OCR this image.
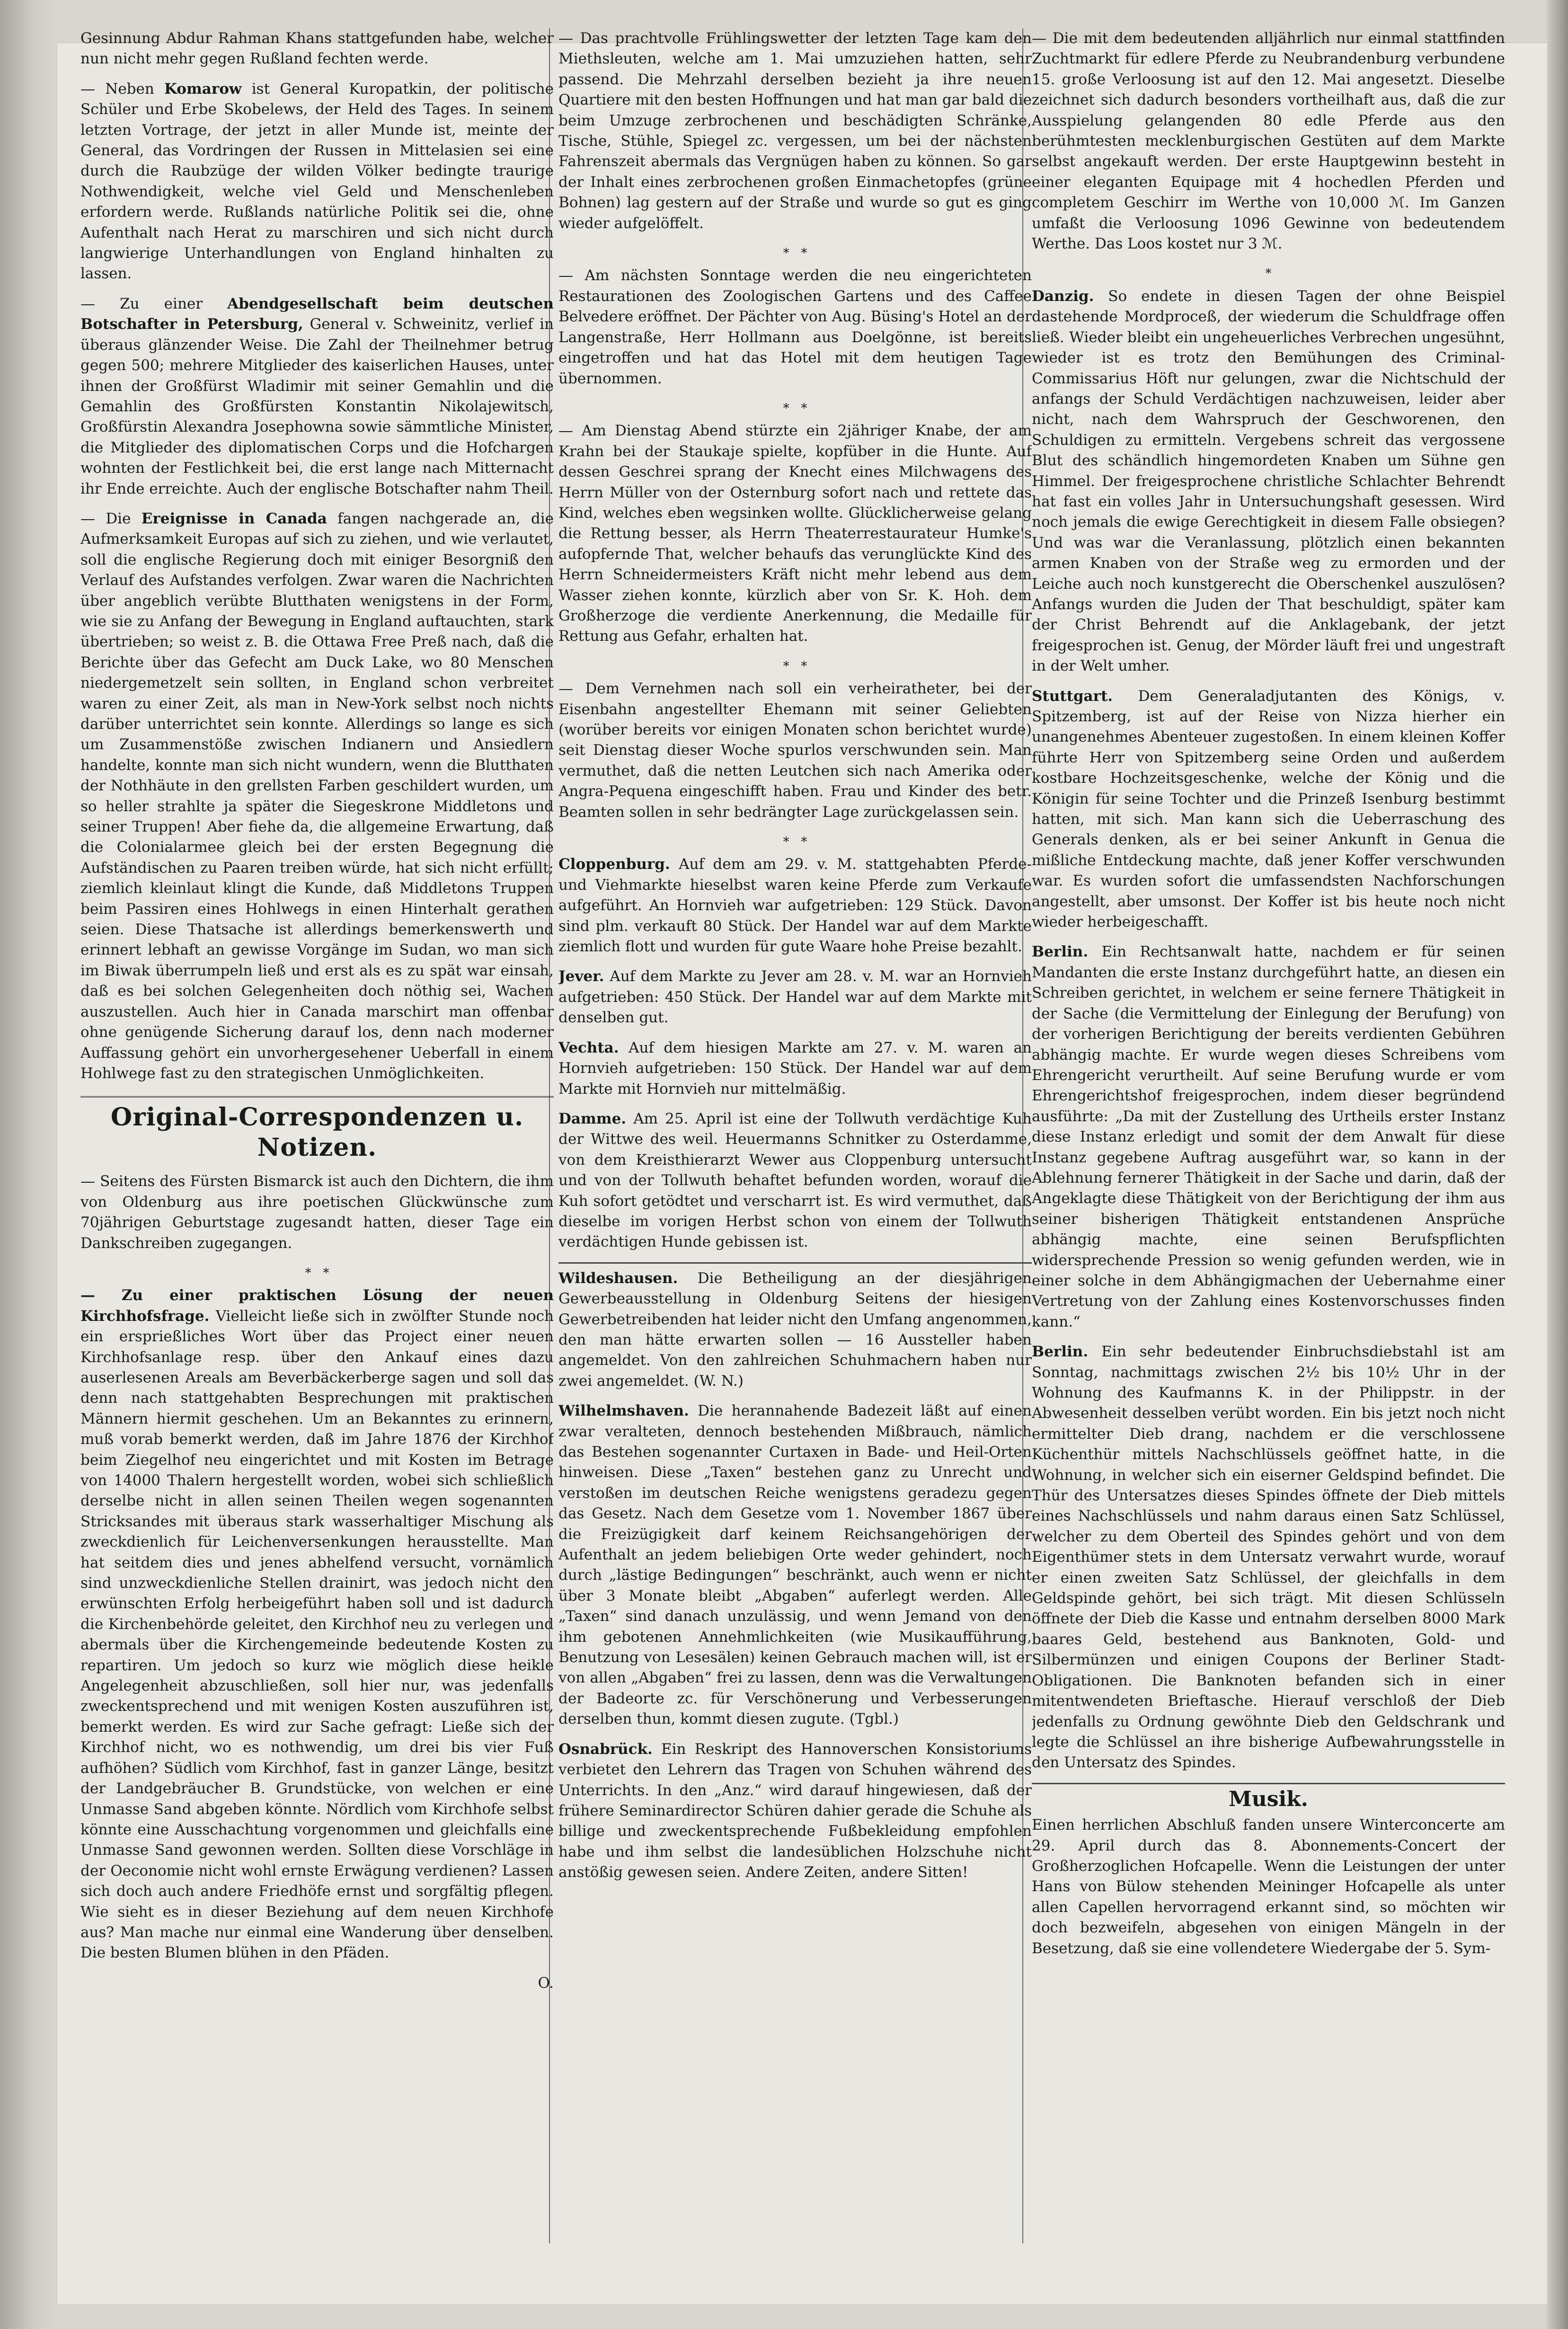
Gesinnung Abdur Rahman Khans stattgefunden habe, welcher nun nicht mehr gegen Rußland fechten werde.

— Neben Komarow ist General Kuropatkin, der politische Schüler und Erbe Skobelews, der Held des Tages. In seinem letzten Vortrage, der jetzt in aller Munde ist, meinte der General, das Vordringen der Russen in Mittelasien sei eine durch die Raubzüge der wilden Völker bedingte traurige Nothwendigkeit, welche viel Geld und Menschenleben erfordern werde. Rußlands natürliche Politik sei die, ohne Aufenthalt nach Herat zu marschiren und sich nicht durch langwierige Unterhandlungen von England hinhalten zu lassen.

— Zu einer Abendgesellschaft beim deutschen Botschafter in Petersburg, General v. Schweinitz, verlief in überaus glänzender Weise. Die Zahl der Theilnehmer betrug gegen 500; mehrere Mitglieder des kaiserlichen Hauses, unter ihnen der Großfürst Wladimir mit seiner Gemahlin und die Gemahlin des Großfürsten Konstantin Nikolajewitsch, Großfürstin Alexandra Josephowna sowie sämmtliche Minister, die Mitglieder des diplomatischen Corps und die Hofchargen wohnten der Festlichkeit bei, die erst lange nach Mitternacht ihr Ende erreichte. Auch der englische Botschafter nahm Theil.

— Die Ereignisse in Canada fangen nachgerade an, die Aufmerksamkeit Europas auf sich zu ziehen, und wie verlautet, soll die englische Regierung doch mit einiger Besorgniß den Verlauf des Aufstandes verfolgen. Zwar waren die Nachrichten über angeblich verübte Blutthaten wenigstens in der Form, wie sie zu Anfang der Bewegung in England auftauchten, stark übertrieben; so weist z. B. die Ottawa Free Preß nach, daß die Berichte über das Gefecht am Duck Lake, wo 80 Menschen niedergemetzelt sein sollten, in England schon verbreitet waren zu einer Zeit, als man in New-York selbst noch nichts darüber unterrichtet sein konnte. Allerdings so lange es sich um Zusammenstöße zwischen Indianern und Ansiedlern handelte, konnte man sich nicht wundern, wenn die Blutthaten der Nothhäute in den grellsten Farben geschildert wurden, um so heller strahlte ja später die Siegeskrone Middletons und seiner Truppen! Aber fiehe da, die allgemeine Erwartung, daß die Colonialarmee gleich bei der ersten Begegnung die Aufständischen zu Paaren treiben würde, hat sich nicht erfüllt; ziemlich kleinlaut klingt die Kunde, daß Middletons Truppen beim Passiren eines Hohlwegs in einen Hinterhalt gerathen seien. Diese Thatsache ist allerdings bemerkenswerth und erinnert lebhaft an gewisse Vorgänge im Sudan, wo man sich im Biwak überrumpeln ließ und erst als es zu spät war einsah, daß es bei solchen Gelegenheiten doch nöthig sei, Wachen auszustellen. Auch hier in Canada marschirt man offenbar ohne genügende Sicherung darauf los, denn nach moderner Auffassung gehört ein unvorhergesehener Ueberfall in einem Hohlwege fast zu den strategischen Unmöglichkeiten.

Original-Correspondenzen u. Notizen.

— Seitens des Fürsten Bismarck ist auch den Dichtern, die ihm von Oldenburg aus ihre poetischen Glückwünsche zum 70jährigen Geburtstage zugesandt hatten, dieser Tage ein Dankschreiben zugegangen.

*   *

— Zu einer praktischen Lösung der neuen Kirchhofsfrage. Vielleicht ließe sich in zwölfter Stunde noch ein ersprießliches Wort über das Project einer neuen Kirchhofsanlage resp. über den Ankauf eines dazu auserlesenen Areals am Beverbäckerberge sagen und soll das denn nach stattgehabten Besprechungen mit praktischen Männern hiermit geschehen. Um an Bekanntes zu erinnern, muß vorab bemerkt werden, daß im Jahre 1876 der Kirchhof beim Ziegelhof neu eingerichtet und mit Kosten im Betrage von 14000 Thalern hergestellt worden, wobei sich schließlich derselbe nicht in allen seinen Theilen wegen sogenannten Stricksandes mit überaus stark wasserhaltiger Mischung als zweckdienlich für Leichenversenkungen herausstellte. Man hat seitdem dies und jenes abhelfend versucht, vornämlich sind unzweckdienliche Stellen drainirt, was jedoch nicht den erwünschten Erfolg herbeigeführt haben soll und ist dadurch die Kirchenbehörde geleitet, den Kirchhof neu zu verlegen und abermals über die Kirchengemeinde bedeutende Kosten zu repartiren. Um jedoch so kurz wie möglich diese heikle Angelegenheit abzuschließen, soll hier nur, was jedenfalls zweckentsprechend und mit wenigen Kosten auszuführen ist, bemerkt werden. Es wird zur Sache gefragt: Ließe sich der Kirchhof nicht, wo es nothwendig, um drei bis vier Fuß aufhöhen? Südlich vom Kirchhof, fast in ganzer Länge, besitzt der Landgebräucher B. Grundstücke, von welchen er eine Unmasse Sand abgeben könnte. Nördlich vom Kirchhofe selbst könnte eine Ausschachtung vorgenommen und gleichfalls eine Unmasse Sand gewonnen werden. Sollten diese Vorschläge in der Oeconomie nicht wohl ernste Erwägung verdienen? Lassen sich doch auch andere Friedhöfe ernst und sorgfältig pflegen. Wie sieht es in dieser Beziehung auf dem neuen Kirchhofe aus? Man mache nur einmal eine Wanderung über denselben. Die besten Blumen blühen in den Pfäden.

O.

— Das prachtvolle Frühlingswetter der letzten Tage kam den Miethsleuten, welche am 1. Mai umzuziehen hatten, sehr passend. Die Mehrzahl derselben bezieht ja ihre neuen Quartiere mit den besten Hoffnungen und hat man gar bald die beim Umzuge zerbrochenen und beschädigten Schränke, Tische, Stühle, Spiegel zc. vergessen, um bei der nächsten Fahrenszeit abermals das Vergnügen haben zu können. So gar der Inhalt eines zerbrochenen großen Einmachetopfes (grüne Bohnen) lag gestern auf der Straße und wurde so gut es ging wieder aufgelöffelt.

*   *

— Am nächsten Sonntage werden die neu eingerichteten Restaurationen des Zoologischen Gartens und des Caffee Belvedere eröffnet. Der Pächter von Aug. Büsing's Hotel an der Langenstraße, Herr Hollmann aus Doelgönne, ist bereits eingetroffen und hat das Hotel mit dem heutigen Tage übernommen.

*   *

— Am Dienstag Abend stürzte ein 2jähriger Knabe, der am Krahn bei der Staukaje spielte, kopfüber in die Hunte. Auf dessen Geschrei sprang der Knecht eines Milchwagens des Herrn Müller von der Osternburg sofort nach und rettete das Kind, welches eben wegsinken wollte. Glücklicherweise gelang die Rettung besser, als Herrn Theaterrestaurateur Humke's aufopfernde That, welcher behaufs das verunglückte Kind des Herrn Schneidermeisters Kräft nicht mehr lebend aus dem Wasser ziehen konnte, kürzlich aber von Sr. K. Hoh. dem Großherzoge die verdiente Anerkennung, die Medaille für Rettung aus Gefahr, erhalten hat.

*   *

— Dem Vernehmen nach soll ein verheiratheter, bei der Eisenbahn angestellter Ehemann mit seiner Geliebten (worüber bereits vor einigen Monaten schon berichtet wurde) seit Dienstag dieser Woche spurlos verschwunden sein. Man vermuthet, daß die netten Leutchen sich nach Amerika oder Angra-Pequena eingeschifft haben. Frau und Kinder des betr. Beamten sollen in sehr bedrängter Lage zurückgelassen sein.

*   *

Cloppenburg. Auf dem am 29. v. M. stattgehabten Pferde- und Viehmarkte hieselbst waren keine Pferde zum Verkaufe aufgeführt. An Hornvieh war aufgetrieben: 129 Stück. Davon sind plm. verkauft 80 Stück. Der Handel war auf dem Markte ziemlich flott und wurden für gute Waare hohe Preise bezahlt.

Jever. Auf dem Markte zu Jever am 28. v. M. war an Hornvieh aufgetrieben: 450 Stück. Der Handel war auf dem Markte mit denselben gut.

Vechta. Auf dem hiesigen Markte am 27. v. M. waren an Hornvieh aufgetrieben: 150 Stück. Der Handel war auf dem Markte mit Hornvieh nur mittelmäßig.

Damme. Am 25. April ist eine der Tollwuth verdächtige Kuh der Wittwe des weil. Heuermanns Schnitker zu Osterdamme, von dem Kreisthierarzt Wewer aus Cloppenburg untersucht und von der Tollwuth behaftet befunden worden, worauf die Kuh sofort getödtet und verscharrt ist. Es wird vermuthet, daß dieselbe im vorigen Herbst schon von einem der Tollwuth verdächtigen Hunde gebissen ist.

Wildeshausen. Die Betheiligung an der diesjährigen Gewerbeausstellung in Oldenburg Seitens der hiesigen Gewerbetreibenden hat leider nicht den Umfang angenommen, den man hätte erwarten sollen — 16 Aussteller haben angemeldet. Von den zahlreichen Schuhmachern haben nur zwei angemeldet. (W. N.)

Wilhelmshaven. Die herannahende Badezeit läßt auf einen zwar veralteten, dennoch bestehenden Mißbrauch, nämlich das Bestehen sogenannter Curtaxen in Bade- und Heil-Orten hinweisen. Diese „Taxen“ bestehen ganz zu Unrecht und verstoßen im deutschen Reiche wenigstens geradezu gegen das Gesetz. Nach dem Gesetze vom 1. November 1867 über die Freizügigkeit darf keinem Reichsangehörigen der Aufenthalt an jedem beliebigen Orte weder gehindert, noch durch „lästige Bedingungen“ beschränkt, auch wenn er nicht über 3 Monate bleibt „Abgaben“ auferlegt werden. Alle „Taxen“ sind danach unzulässig, und wenn Jemand von den ihm gebotenen Annehmlichkeiten (wie Musikaufführung, Benutzung von Lesesälen) keinen Gebrauch machen will, ist er von allen „Abgaben“ frei zu lassen, denn was die Verwaltungen der Badeorte zc. für Verschönerung und Verbesserungen derselben thun, kommt diesen zugute. (Tgbl.)

Osnabrück. Ein Reskript des Hannoverschen Konsistoriums verbietet den Lehrern das Tragen von Schuhen während des Unterrichts. In den „Anz.“ wird darauf hingewiesen, daß der frühere Seminardirector Schüren dahier gerade die Schuhe als billige und zweckentsprechende Fußbekleidung empfohlen habe und ihm selbst die landesüblichen Holzschuhe nicht anstößig gewesen seien. Andere Zeiten, andere Sitten!

— Die mit dem bedeutenden alljährlich nur einmal stattfinden Zuchtmarkt für edlere Pferde zu Neubrandenburg verbundene 15. große Verloosung ist auf den 12. Mai angesetzt. Dieselbe zeichnet sich dadurch besonders vortheilhaft aus, daß die zur Ausspielung gelangenden 80 edle Pferde aus den berühmtesten mecklenburgischen Gestüten auf dem Markte selbst angekauft werden. Der erste Hauptgewinn besteht in einer eleganten Equipage mit 4 hochedlen Pferden und completem Geschirr im Werthe von 10,000 ℳ. Im Ganzen umfaßt die Verloosung 1096 Gewinne von bedeutendem Werthe. Das Loos kostet nur 3 ℳ.

*

Danzig. So endete in diesen Tagen der ohne Beispiel dastehende Mordproceß, der wiederum die Schuldfrage offen ließ. Wieder bleibt ein ungeheuerliches Verbrechen ungesühnt, wieder ist es trotz den Bemühungen des Criminal-Commissarius Höft nur gelungen, zwar die Nichtschuld der anfangs der Schuld Verdächtigen nachzuweisen, leider aber nicht, nach dem Wahrspruch der Geschworenen, den Schuldigen zu ermitteln. Vergebens schreit das vergossene Blut des schändlich hingemordeten Knaben um Sühne gen Himmel. Der freigesprochene christliche Schlachter Behrendt hat fast ein volles Jahr in Untersuchungshaft gesessen. Wird noch jemals die ewige Gerechtigkeit in diesem Falle obsiegen? Und was war die Veranlassung, plötzlich einen bekannten armen Knaben von der Straße weg zu ermorden und der Leiche auch noch kunstgerecht die Oberschenkel auszulösen? Anfangs wurden die Juden der That beschuldigt, später kam der Christ Behrendt auf die Anklagebank, der jetzt freigesprochen ist. Genug, der Mörder läuft frei und ungestraft in der Welt umher.

Stuttgart. Dem Generaladjutanten des Königs, v. Spitzemberg, ist auf der Reise von Nizza hierher ein unangenehmes Abenteuer zugestoßen. In einem kleinen Koffer führte Herr von Spitzemberg seine Orden und außerdem kostbare Hochzeitsgeschenke, welche der König und die Königin für seine Tochter und die Prinzeß Isenburg bestimmt hatten, mit sich. Man kann sich die Ueberraschung des Generals denken, als er bei seiner Ankunft in Genua die mißliche Entdeckung machte, daß jener Koffer verschwunden war. Es wurden sofort die umfassendsten Nachforschungen angestellt, aber umsonst. Der Koffer ist bis heute noch nicht wieder herbeigeschafft.

Berlin. Ein Rechtsanwalt hatte, nachdem er für seinen Mandanten die erste Instanz durchgeführt hatte, an diesen ein Schreiben gerichtet, in welchem er seine fernere Thätigkeit in der Sache (die Vermittelung der Einlegung der Berufung) von der vorherigen Berichtigung der bereits verdienten Gebühren abhängig machte. Er wurde wegen dieses Schreibens vom Ehrengericht verurtheilt. Auf seine Berufung wurde er vom Ehrengerichtshof freigesprochen, indem dieser begründend ausführte: „Da mit der Zustellung des Urtheils erster Instanz diese Instanz erledigt und somit der dem Anwalt für diese Instanz gegebene Auftrag ausgeführt war, so kann in der Ablehnung fernerer Thätigkeit in der Sache und darin, daß der Angeklagte diese Thätigkeit von der Berichtigung der ihm aus seiner bisherigen Thätigkeit entstandenen Ansprüche abhängig machte, eine seinen Berufspflichten widersprechende Pression so wenig gefunden werden, wie in einer solche in dem Abhängigmachen der Uebernahme einer Vertretung von der Zahlung eines Kostenvorschusses finden kann.“

Berlin. Ein sehr bedeutender Einbruchsdiebstahl ist am Sonntag, nachmittags zwischen 2½ bis 10½ Uhr in der Wohnung des Kaufmanns K. in der Philippstr. in der Abwesenheit desselben verübt worden. Ein bis jetzt noch nicht ermittelter Dieb drang, nachdem er die verschlossene Küchenthür mittels Nachschlüssels geöffnet hatte, in die Wohnung, in welcher sich ein eiserner Geldspind befindet. Die Thür des Untersatzes dieses Spindes öffnete der Dieb mittels eines Nachschlüssels und nahm daraus einen Satz Schlüssel, welcher zu dem Oberteil des Spindes gehört und von dem Eigenthümer stets in dem Untersatz verwahrt wurde, worauf er einen zweiten Satz Schlüssel, der gleichfalls in dem Geldspinde gehört, bei sich trägt. Mit diesen Schlüsseln öffnete der Dieb die Kasse und entnahm derselben 8000 Mark baares Geld, bestehend aus Banknoten, Gold- und Silbermünzen und einigen Coupons der Berliner Stadt-Obligationen. Die Banknoten befanden sich in einer mitentwendeten Brieftasche. Hierauf verschloß der Dieb jedenfalls zu Ordnung gewöhnte Dieb den Geldschrank und legte die Schlüssel an ihre bisherige Aufbewahrungsstelle in den Untersatz des Spindes.

Musik.

Einen herrlichen Abschluß fanden unsere Winterconcerte am 29. April durch das 8. Abonnements-Concert der Großherzoglichen Hofcapelle. Wenn die Leistungen der unter Hans von Bülow stehenden Meininger Hofcapelle als unter allen Capellen hervorragend erkannt sind, so möchten wir doch bezweifeln, abgesehen von einigen Mängeln in der Besetzung, daß sie eine vollendetere Wiedergabe der 5. Sym-
